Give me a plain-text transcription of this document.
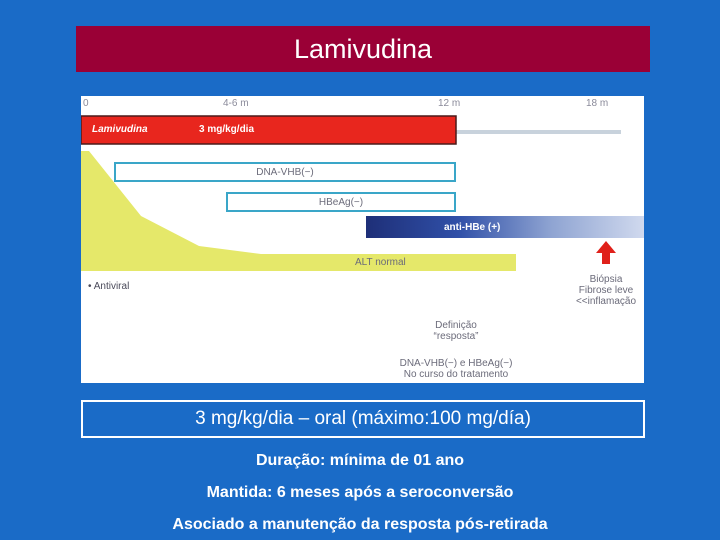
Lamivudina
0	4-6 m	12 m	18 m
Lamivudina	3 mg/kg/dia
DNA-VHB(−)
HBeAg(−)
anti-HBe (+)
ALT normal
• Antiviral
Biópsia
Fibrose leve
<<inflamação
Definição
“resposta”
DNA-VHB(−) e HBeAg(−)
No curso do tratamento
3 mg/kg/dia – oral (máximo:100 mg/día)
Duração: mínima de 01 ano
Mantida: 6 meses após a seroconversão
Asociado a manutenção da resposta pós-retirada
